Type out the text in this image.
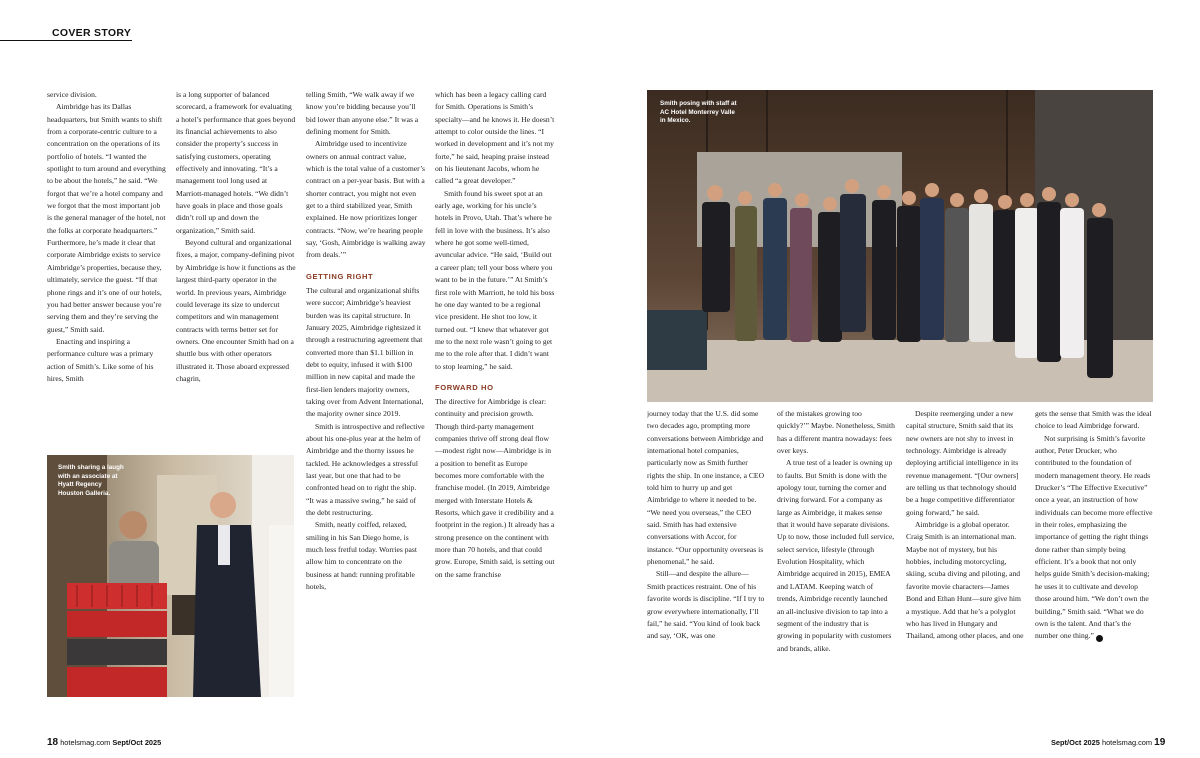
COVER STORY

service division.

Aimbridge has its Dallas headquarters, but Smith wants to shift from a corporate-centric culture to a concentration on the operations of its portfolio of hotels. “I wanted the spotlight to turn around and everything to be about the hotels,” he said. “We forgot that we’re a hotel company and we forgot that the most important job is the general manager of the hotel, not the folks at corporate headquarters.” Furthermore, he’s made it clear that corporate Aimbridge exists to service Aimbridge’s properties, because they, ultimately, service the guest. “If that phone rings and it’s one of our hotels, you had better answer because you’re serving them and they’re serving the guest,” Smith said.

Enacting and inspiring a performance culture was a primary action of Smith’s. Like some of his hires, Smith

is a long supporter of balanced scorecard, a framework for evaluating a hotel’s performance that goes beyond its financial achievements to also consider the property’s success in satisfying customers, operating effectively and innovating. “It’s a management tool long used at Marriott-managed hotels. “We didn’t have goals in place and those goals didn’t roll up and down the organization,” Smith said.

Beyond cultural and organizational fixes, a major, company-defining pivot by Aimbridge is how it functions as the largest third-party operator in the world. In previous years, Aimbridge could leverage its size to undercut competitors and win management contracts with terms better set for owners. One encounter Smith had on a shuttle bus with other operators illustrated it. Those aboard expressed chagrin,

Smith sharing a laugh with an associate at Hyatt Regency Houston Galleria.

telling Smith, “We walk away if we know you’re bidding because you’ll bid lower than anyone else.” It was a defining moment for Smith.

Aimbridge used to incentivize owners on annual contract value, which is the total value of a customer’s contract on a per-year basis. But with a shorter contract, you might not even get to a third stabilized year, Smith explained. He now prioritizes longer contracts. “Now, we’re hearing people say, ‘Gosh, Aimbridge is walking away from deals.’”

GETTING RIGHT

The cultural and organizational shifts were succor; Aimbridge’s heaviest burden was its capital structure. In January 2025, Aimbridge rightsized it through a restructuring agreement that converted more than $1.1 billion in debt to equity, infused it with $100 million in new capital and made the first-lien lenders majority owners, taking over from Advent International, the majority owner since 2019.

Smith is introspective and reflective about his one-plus year at the helm of Aimbridge and the thorny issues he tackled. He acknowledges a stressful last year, but one that had to be confronted head on to right the ship. “It was a massive swing,” he said of the debt restructuring.

Smith, neatly coiffed, relaxed, smiling in his San Diego home, is much less fretful today. Worries past allow him to concentrate on the business at hand: running profitable hotels,

which has been a legacy calling card for Smith. Operations is Smith’s specialty—and he knows it. He doesn’t attempt to color outside the lines. “I worked in development and it’s not my forte,” he said, heaping praise instead on his lieutenant Jacobs, whom he called “a great developer.”

Smith found his sweet spot at an early age, working for his uncle’s hotels in Provo, Utah. That’s where he fell in love with the business. It’s also where he got some well-timed, avuncular advice. “He said, ‘Build out a career plan; tell your boss where you want to be in the future.’” At Smith’s first role with Marriott, he told his boss he one day wanted to be a regional vice president. He shot too low, it turned out. “I knew that whatever got me to the next role wasn’t going to get me to the role after that. I didn’t want to stop learning,” he said.

FORWARD HO

The directive for Aimbridge is clear: continuity and precision growth. Though third-party management companies thrive off strong deal flow—modest right now—Aimbridge is in a position to benefit as Europe becomes more comfortable with the franchise model. (In 2019, Aimbridge merged with Interstate Hotels & Resorts, which gave it credibility and a footprint in the region.) It already has a strong presence on the continent with more than 70 hotels, and that could grow. Europe, Smith said, is setting out on the same franchise

Smith posing with staff at AC Hotel Monterrey Valle in Mexico.

journey today that the U.S. did some two decades ago, prompting more conversations between Aimbridge and international hotel companies, particularly now as Smith further rights the ship. In one instance, a CEO told him to hurry up and get Aimbridge to where it needed to be. “We need you overseas,” the CEO said. Smith has had extensive conversations with Accor, for instance. “Our opportunity overseas is phenomenal,” he said.

Still—and despite the allure—Smith practices restraint. One of his favorite words is discipline. “If I try to grow everywhere internationally, I’ll fail,” he said. “You kind of look back and say, ‘OK, was one

of the mistakes growing too quickly?’” Maybe. Nonetheless, Smith has a different mantra nowadays: fees over keys.

A true test of a leader is owning up to faults. But Smith is done with the apology tour, turning the corner and driving forward. For a company as large as Aimbridge, it makes sense that it would have separate divisions. Up to now, those included full service, select service, lifestyle (through Evolution Hospitality, which Aimbridge acquired in 2015), EMEA and LATAM. Keeping watch of trends, Aimbridge recently launched an all-inclusive division to tap into a segment of the industry that is growing in popularity with customers and brands, alike.

Despite reemerging under a new capital structure, Smith said that its new owners are not shy to invest in technology. Aimbridge is already deploying artificial intelligence in its revenue management. “[Our owners] are telling us that technology should be a huge competitive differentiator going forward,” he said.

Aimbridge is a global operator. Craig Smith is an international man. Maybe not of mystery, but his hobbies, including motorcycling, skiing, scuba diving and piloting, and favorite movie characters—James Bond and Ethan Hunt—sure give him a mystique. Add that he’s a polyglot who has lived in Hungary and Thailand, among other places, and one

gets the sense that Smith was the ideal choice to lead Aimbridge forward.

Not surprising is Smith’s favorite author, Peter Drucker, who contributed to the foundation of modern management theory. He reads Drucker’s “The Effective Executive” once a year, an instruction of how individuals can become more effective in their roles, emphasizing the importance of getting the right things done rather than simply being efficient. It’s a book that not only helps guide Smith’s decision-making; he uses it to cultivate and develop those around him. “We don’t own the building,” Smith said. “What we do own is the talent. And that’s the number one thing.” H

18 hotelsmag.com Sept/Oct 2025	Sept/Oct 2025 hotelsmag.com 19
